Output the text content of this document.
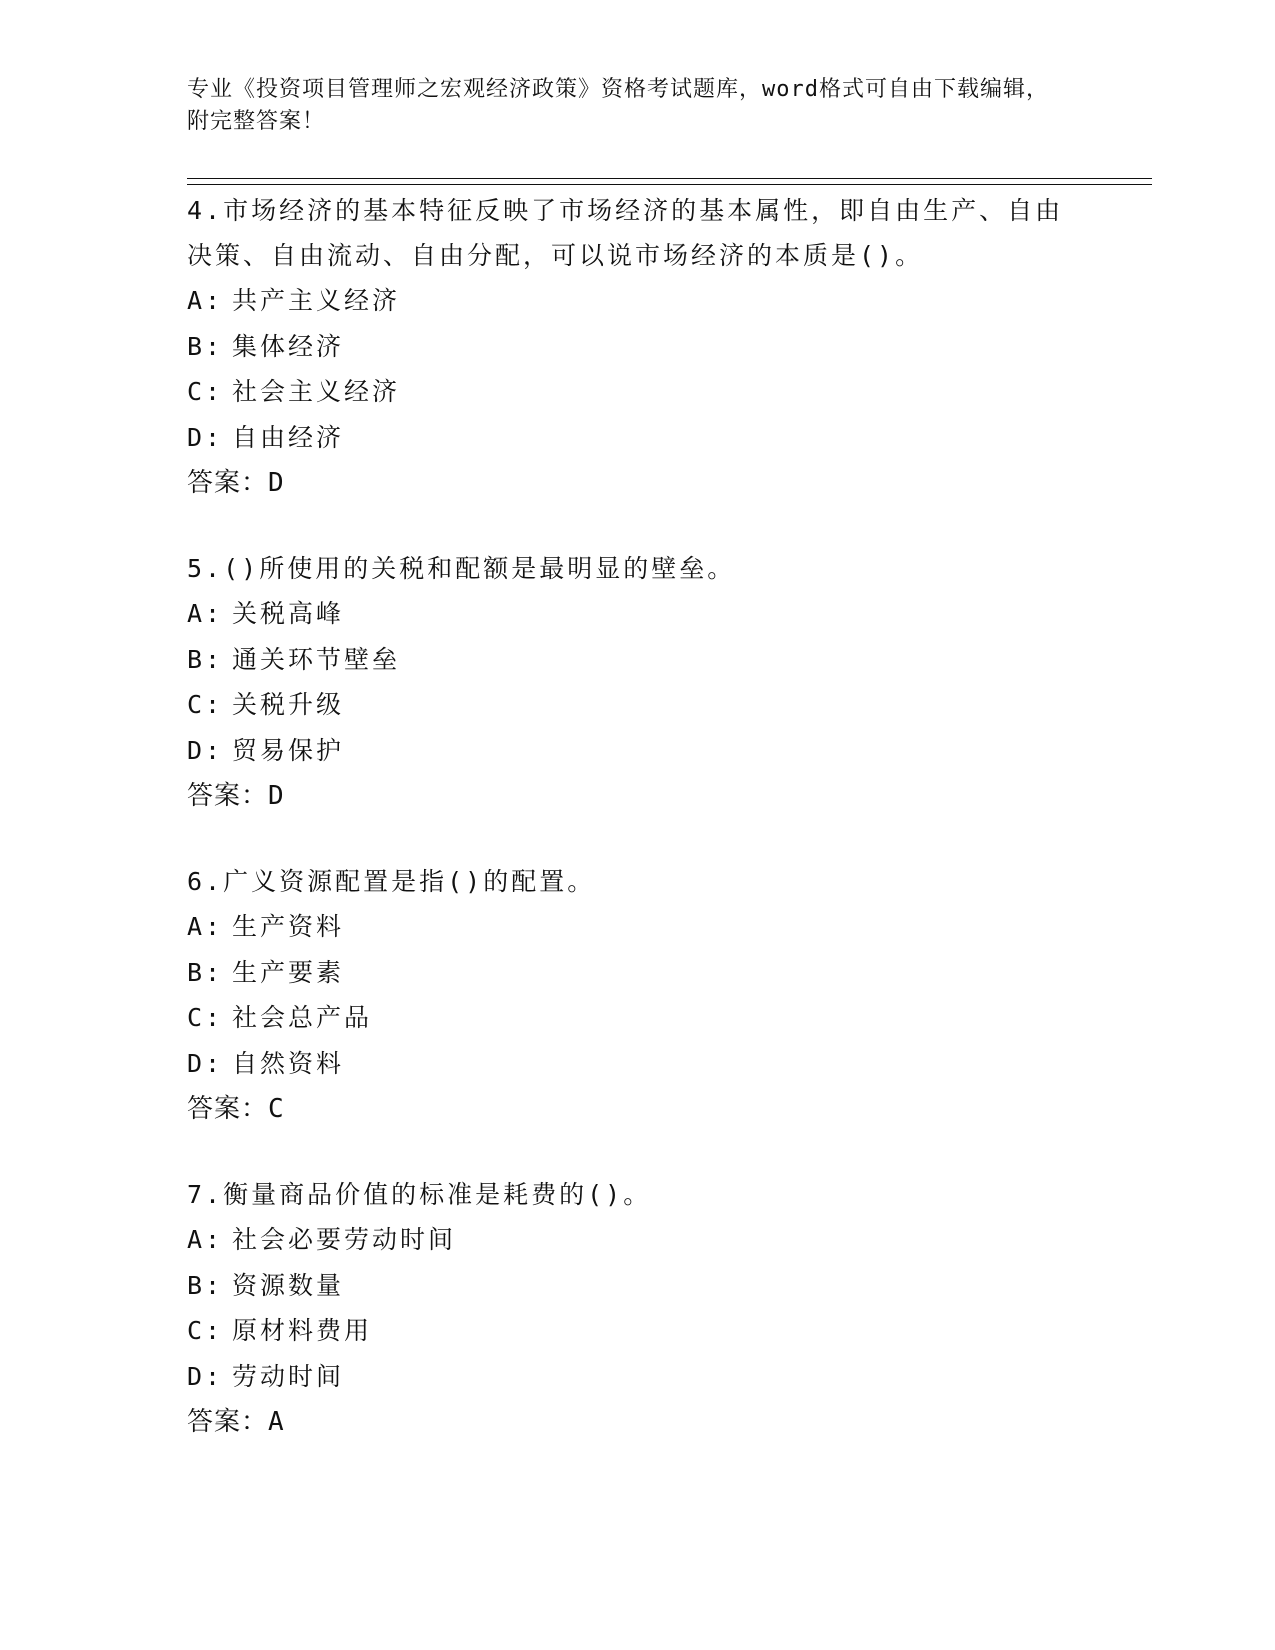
专业《投资项目管理师之宏观经济政策》资格考试题库，word格式可自由下载编辑，附完整答案！
4.市场经济的基本特征反映了市场经济的基本属性，即自由生产、自由决策、自由流动、自由分配，可以说市场经济的本质是()。
A: 共产主义经济
B: 集体经济
C: 社会主义经济
D: 自由经济
答案：D
5.()所使用的关税和配额是最明显的壁垒。
A: 关税高峰
B: 通关环节壁垒
C: 关税升级
D: 贸易保护
答案：D
6.广义资源配置是指()的配置。
A: 生产资料
B: 生产要素
C: 社会总产品
D: 自然资料
答案：C
7.衡量商品价值的标准是耗费的()。
A: 社会必要劳动时间
B: 资源数量
C: 原材料费用
D: 劳动时间
答案：A
